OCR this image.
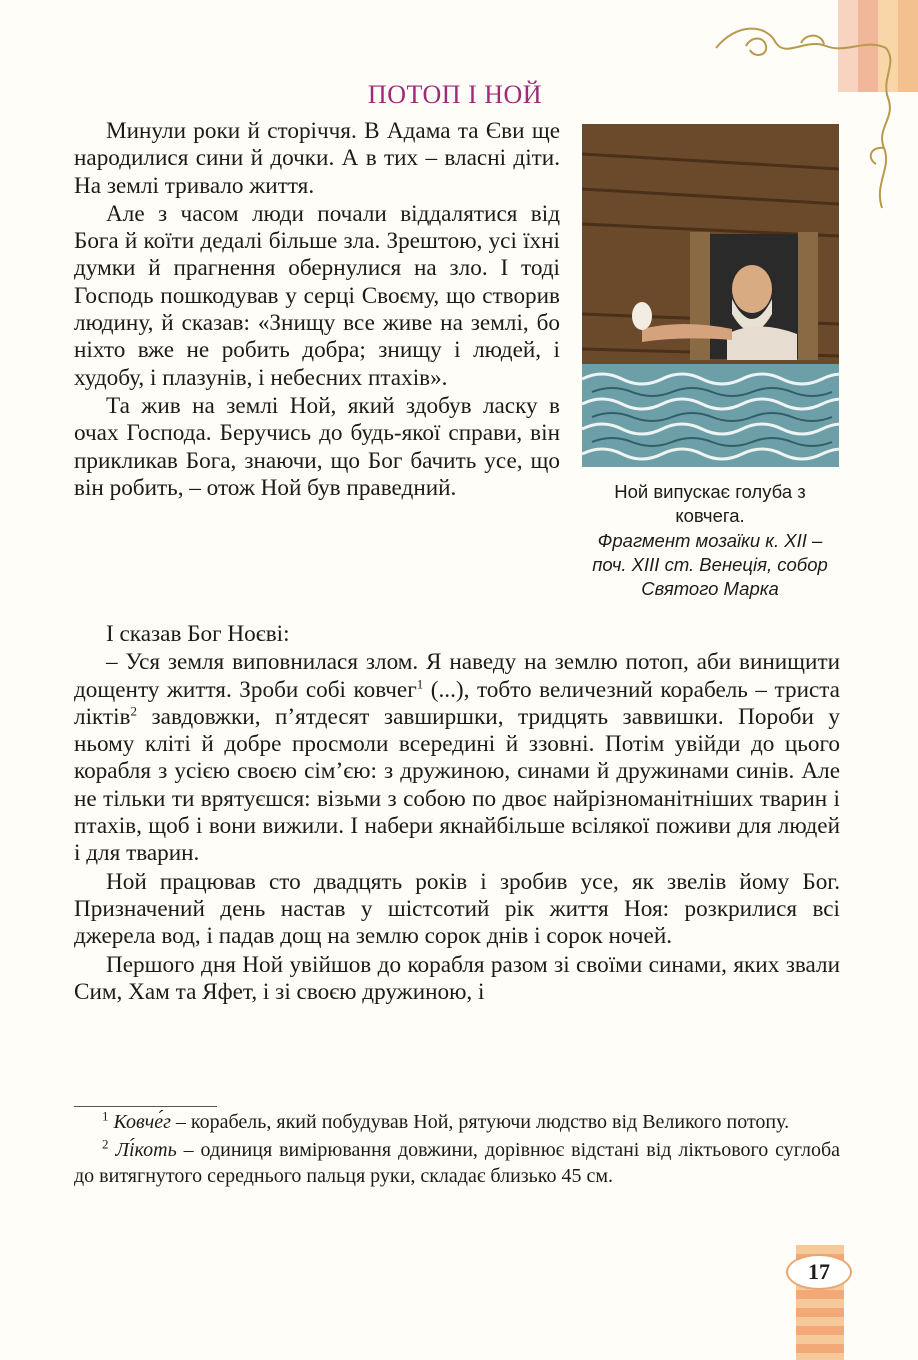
ПОТОП І НОЙ

Минули роки й сторіччя. В Адама та Єви ще народилися сини й дочки. А в тих – власні діти. На землі тривало життя.

Але з часом люди почали віддалятися від Бога й коїти дедалі більше зла. Зрештою, усі їхні думки й прагнення обернулися на зло. І тоді Господь пошкодував у серці Своєму, що створив людину, й сказав: «Знищу все живе на землі, бо ніхто вже не робить добра; знищу і людей, і худобу, і плазунів, і небесних птахів».

Та жив на землі Ной, який здобув ласку в очах Господа. Беручись до будь-якої справи, він прикликав Бога, знаючи, що Бог бачить усе, що він робить, – отож Ной був праведний.	Ной випускає голуба з ковчега.
Фрагмент мозаїки к. XII – поч. XIII ст. Венеція, собор Святого Марка

І сказав Бог Ноєві:

– Уся земля виповнилася злом. Я наведу на землю потоп, аби винищити дощенту життя. Зроби собі ковчег$^1$ (...), тобто величезний корабель – триста ліктів$^2$ завдовжки, п’ятдесят завширшки, тридцять заввишки. Пороби у ньому кліті й добре просмоли всередині й ззовні. Потім увійди до цього корабля з усією своєю сім’єю: з дружиною, синами й дружинами синів. Але не тільки ти врятуєшся: візьми з собою по двоє найрізноманітніших тварин і птахів, щоб і вони вижили. І набери якнайбільше всілякої поживи для людей і для тварин.

Ной працював сто двадцять років і зробив усе, як звелів йому Бог. Призначений день настав у шістсотий рік життя Ноя: розкрилися всі джерела вод, і падав дощ на землю сорок днів і сорок ночей.

Першого дня Ной увійшов до корабля разом зі своїми синами, яких звали Сим, Хам та Яфет, і зі своєю дружиною, і

$^1$ Ковче́г – корабель, який побудував Ной, рятуючи людство від Великого потопу.

$^2$ Лі́коть – одиниця вимірювання довжини, дорівнює відстані від ліктьового суглоба до витягнутого середнього пальця руки, складає близько 45 см.

17
